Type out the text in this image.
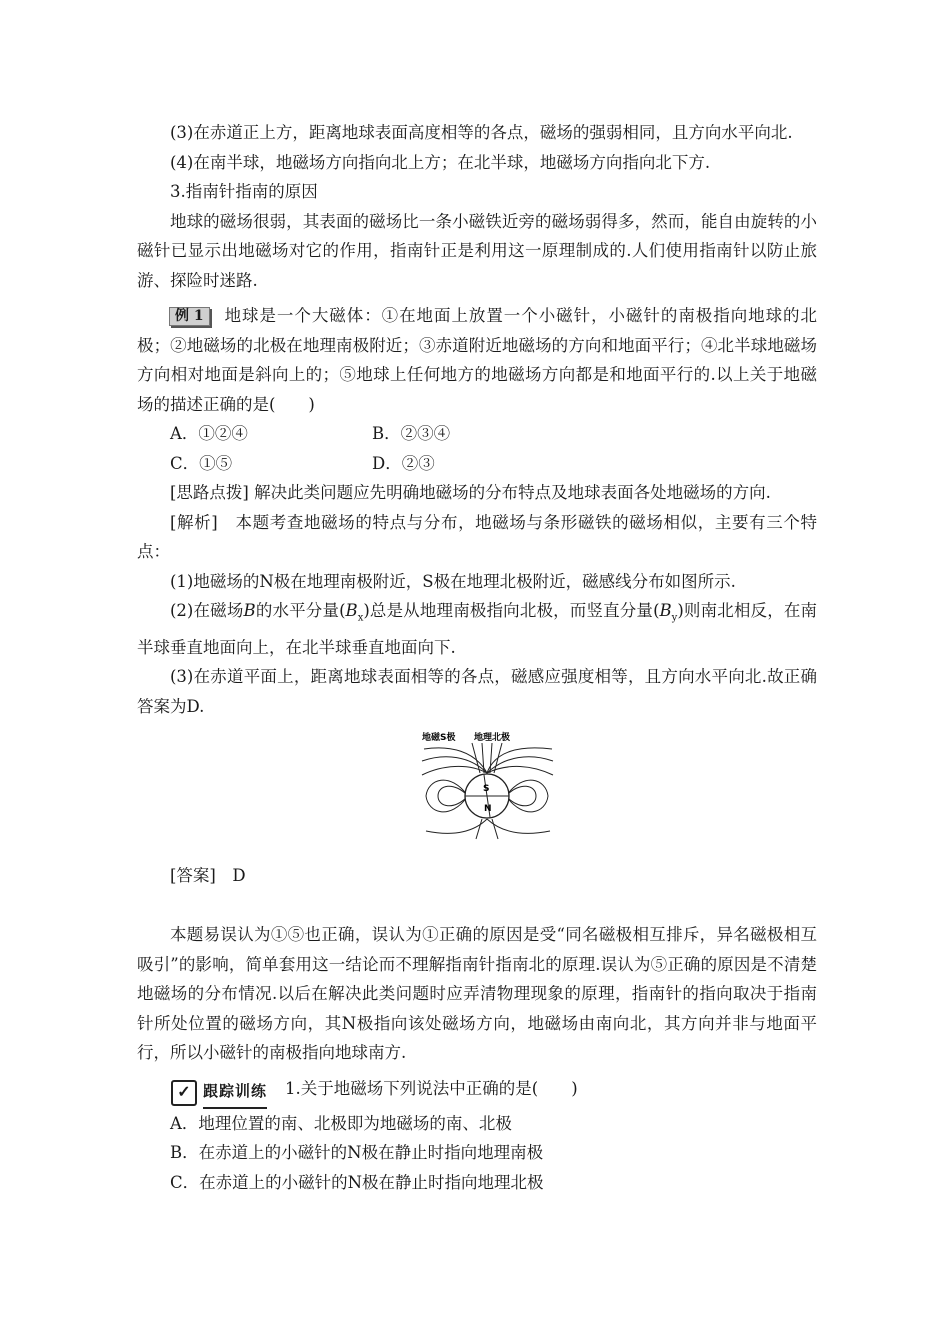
(3)在赤道正上方，距离地球表面高度相等的各点，磁场的强弱相同，且方向水平向北.

(4)在南半球，地磁场方向指向北上方；在北半球，地磁场方向指向北下方.

3.指南针指南的原因

地球的磁场很弱，其表面的磁场比一条小磁铁近旁的磁场弱得多，然而，能自由旋转的小磁针已显示出地磁场对它的作用，指南针正是利用这一原理制成的.人们使用指南针以防止旅游、探险时迷路.

例 1 地球是一个大磁体：①在地面上放置一个小磁针，小磁针的南极指向地球的北极；②地磁场的北极在地理南极附近；③赤道附近地磁场的方向和地面平行；④北半球地磁场方向相对地面是斜向上的；⑤地球上任何地方的地磁场方向都是和地面平行的.以上关于地磁场的描述正确的是(　　)

A．①②④	B．②③④
C．①⑤	D．②③

[思路点拨] 解决此类问题应先明确地磁场的分布特点及地球表面各处地磁场的方向.

[解析]　本题考查地磁场的特点与分布，地磁场与条形磁铁的磁场相似，主要有三个特点：

(1)地磁场的N极在地理南极附近，S极在地理北极附近，磁感线分布如图所示.

(2)在磁场B的水平分量$(B_x)$总是从地理南极指向北极，而竖直分量$(B_y)$则南北相反，在南半球垂直地面向上，在北半球垂直地面向下.

(3)在赤道平面上，距离地球表面相等的各点，磁感应强度相等，且方向水平向北.故正确答案为D.

地磁S极 地理北极
S
N

[答案]　D

本题易误认为①⑤也正确，误认为①正确的原因是受“同名磁极相互排斥，异名磁极相互吸引”的影响，简单套用这一结论而不理解指南针指南北的原理.误认为⑤正确的原因是不清楚地磁场的分布情况.以后在解决此类问题时应弄清物理现象的原理，指南针的指向取决于指南针所处位置的磁场方向，其N极指向该处磁场方向，地磁场由南向北，其方向并非与地面平行，所以小磁针的南极指向地球南方.

✓ 跟踪训练 1.关于地磁场下列说法中正确的是(　　)

A．地理位置的南、北极即为地磁场的南、北极

B．在赤道上的小磁针的N极在静止时指向地理南极

C．在赤道上的小磁针的N极在静止时指向地理北极
